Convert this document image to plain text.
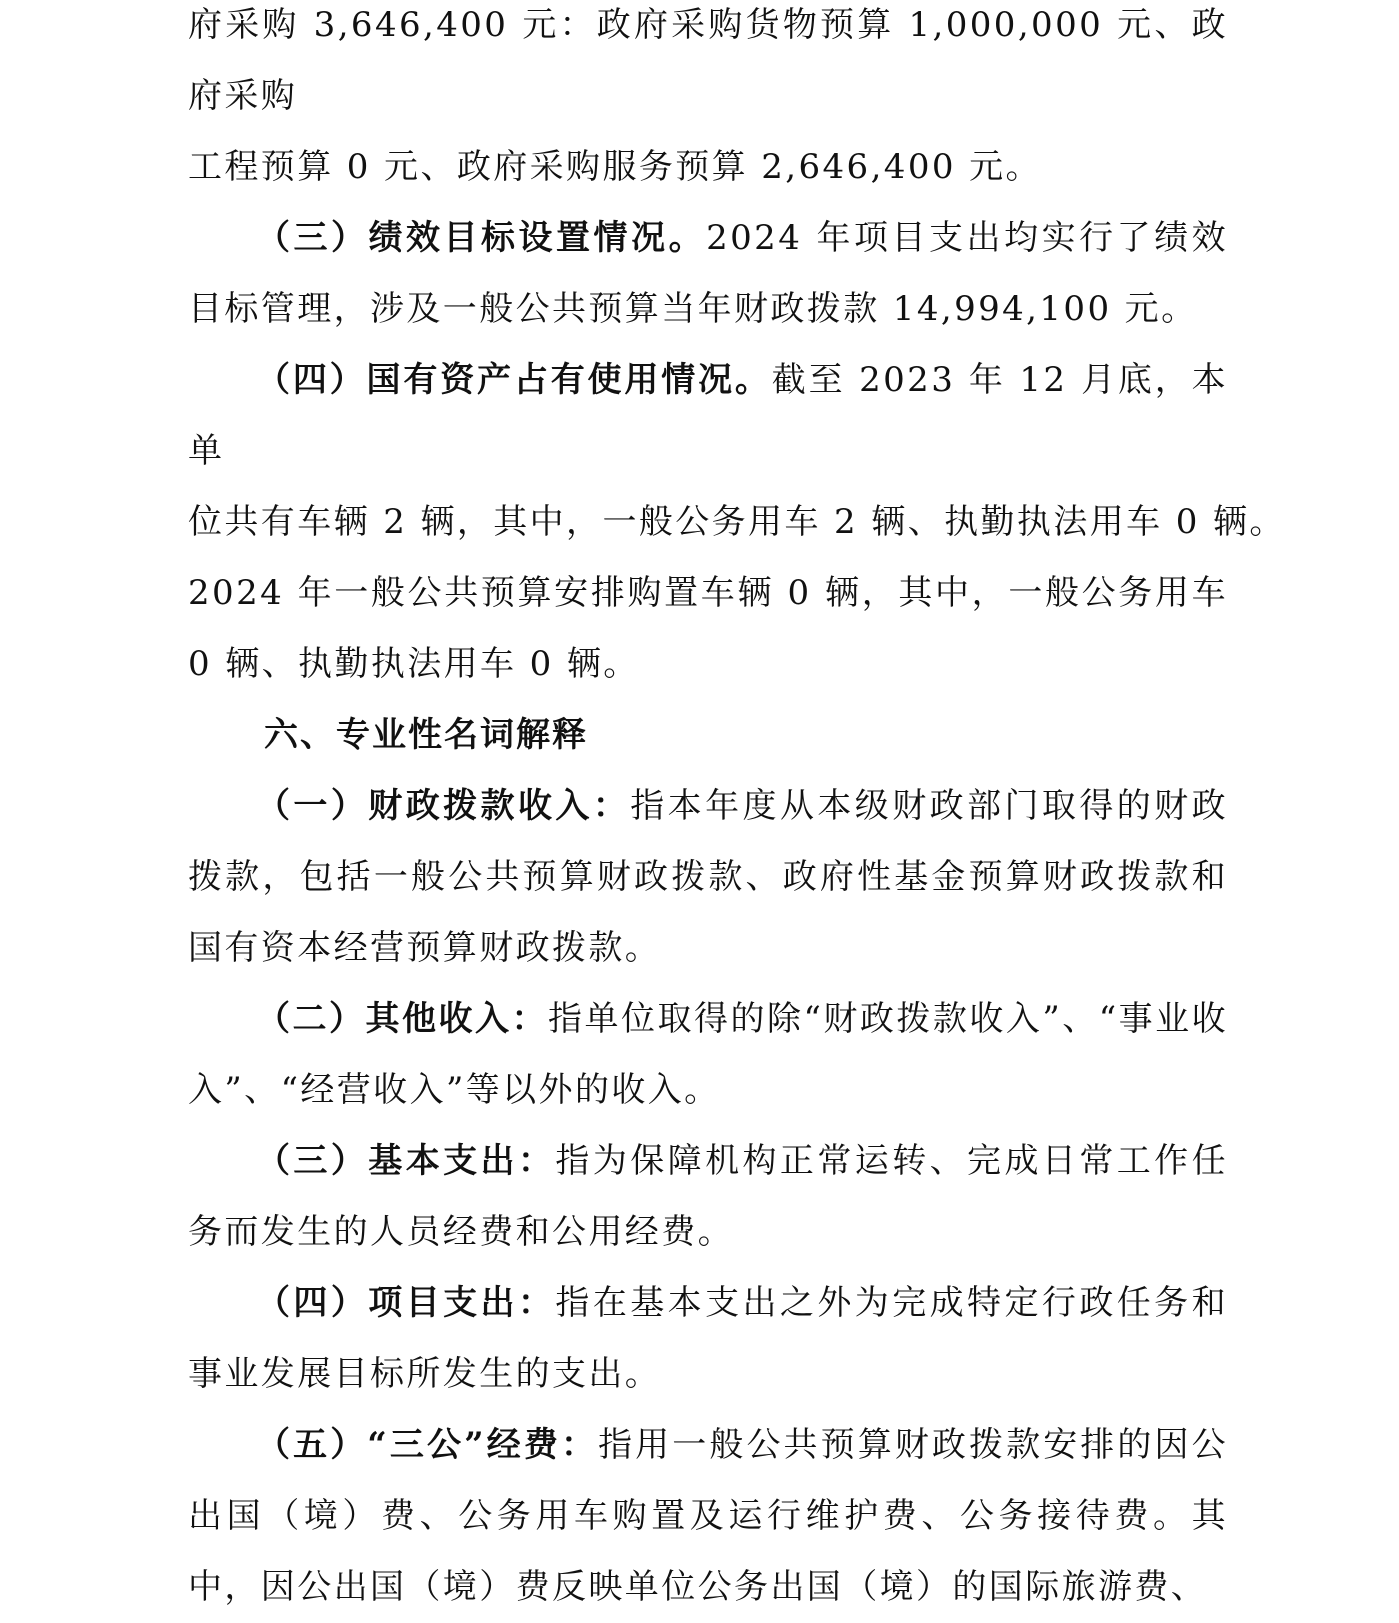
府采购 3,646,400 元：政府采购货物预算 1,000,000 元、政府采购
工程预算 0 元、政府采购服务预算 2,646,400 元。

（三）绩效目标设置情况。2024 年项目支出均实行了绩效目标管理，涉及一般公共预算当年财政拨款 14,994,100 元。

（四）国有资产占有使用情况。截至 2023 年 12 月底，本单
位共有车辆 2 辆，其中，一般公务用车 2 辆、执勤执法用车 0 辆。
2024 年一般公共预算安排购置车辆 0 辆，其中，一般公务用车 0 辆、执勤执法用车 0 辆。

六、专业性名词解释

（一）财政拨款收入：指本年度从本级财政部门取得的财政拨款，包括一般公共预算财政拨款、政府性基金预算财政拨款和国有资本经营预算财政拨款。

（二）其他收入：指单位取得的除“财政拨款收入”、“事业收入”、“经营收入”等以外的收入。

（三）基本支出：指为保障机构正常运转、完成日常工作任务而发生的人员经费和公用经费。

（四）项目支出：指在基本支出之外为完成特定行政任务和事业发展目标所发生的支出。

（五）“三公”经费：指用一般公共预算财政拨款安排的因公出国（境）费、公务用车购置及运行维护费、公务接待费。其中，因公出国（境）费反映单位公务出国（境）的国际旅游费、
